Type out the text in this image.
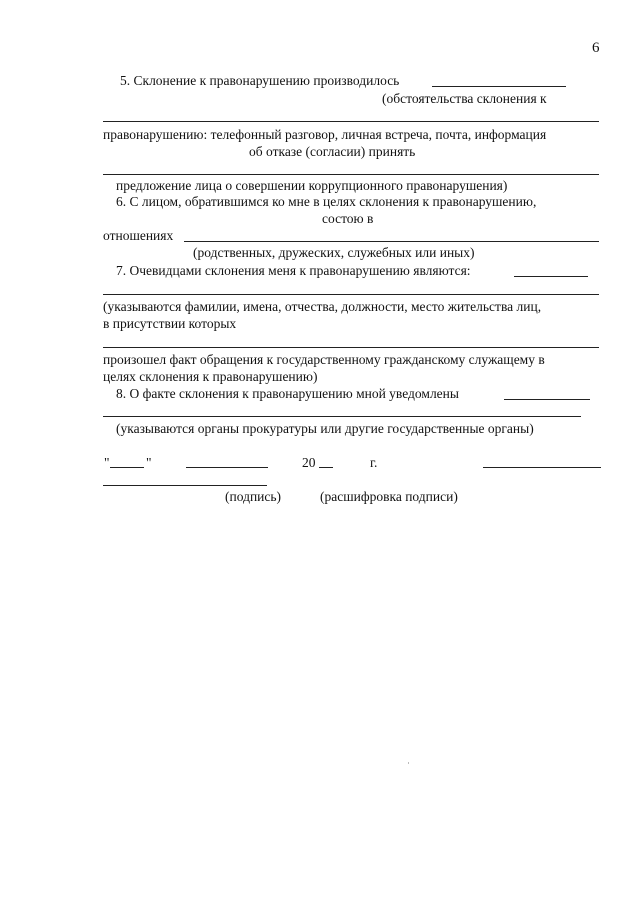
6
5. Склонение к правонарушению производилось
(обстоятельства склонения к
правонарушению: телефонный разговор, личная встреча, почта, информация
об отказе (согласии) принять
предложение лица о совершении коррупционного правонарушения)
6. С лицом, обратившимся ко мне в целях склонения к правонарушению,
состою в
отношениях
(родственных, дружеских, служебных или иных)
7. Очевидцами склонения меня к правонарушению являются:
(указываются фамилии, имена, отчества, должности, место жительства лиц,
в присутствии которых
произошел факт обращения к государственному гражданскому служащему в
целях склонения к правонарушению)
8. О факте склонения к правонарушению мной уведомлены
(указываются органы прокуратуры или другие государственные органы)
"	"	20	г.
(подпись)	(расшифровка подписи)
